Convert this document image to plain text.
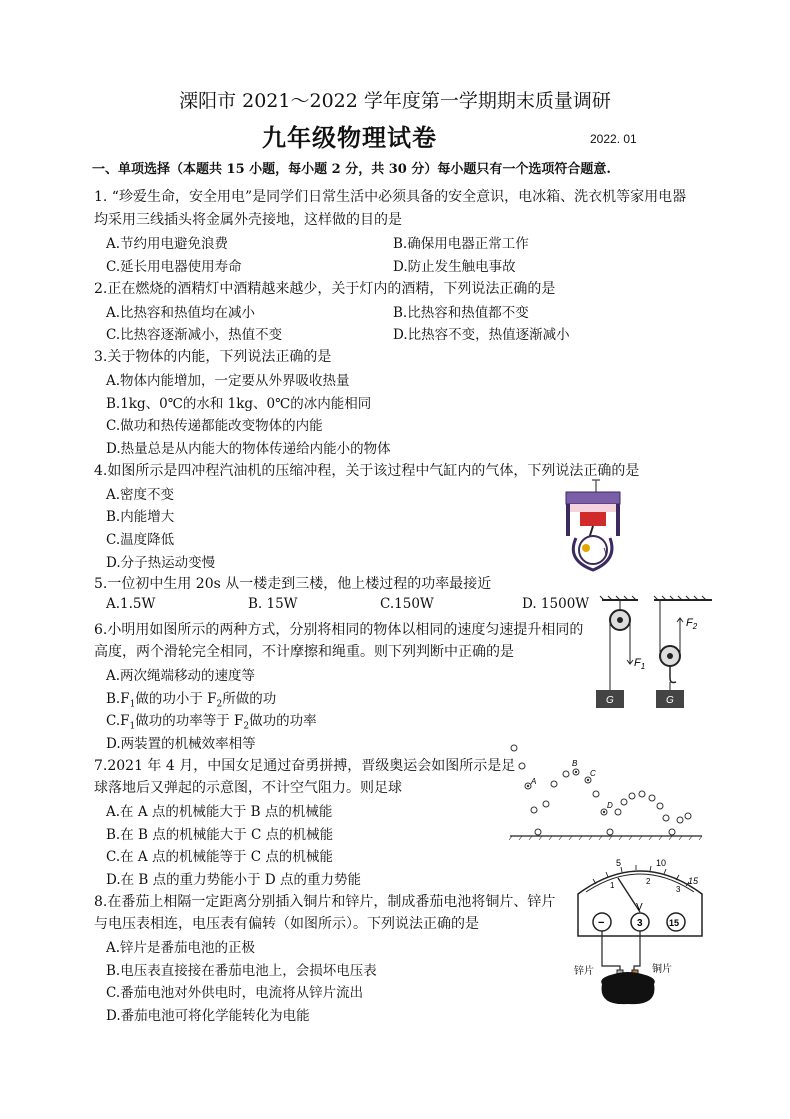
溧阳市 2021～2022 学年度第一学期期末质量调研
九年级物理试卷	2022. 01
一、单项选择（本题共 15 小题，每小题 2 分，共 30 分）每小题只有一个选项符合题意.
1. “珍爱生命，安全用电”是同学们日常生活中必须具备的安全意识，电冰箱、洗衣机等家用电器
均采用三线插头将金属外壳接地，这样做的目的是
A.节约用电避免浪费	B.确保用电器正常工作
C.延长用电器使用寿命	D.防止发生触电事故
2.正在燃烧的酒精灯中酒精越来越少，关于灯内的酒精，下列说法正确的是
A.比热容和热值均在减小	B.比热容和热值都不变
C.比热容逐渐减小，热值不变	D.比热容不变，热值逐渐减小
3.关于物体的内能，下列说法正确的是
A.物体内能增加，一定要从外界吸收热量
B.1kg、0℃的水和 1kg、0℃的冰内能相同
C.做功和热传递都能改变物体的内能
D.热量总是从内能大的物体传递给内能小的物体
4.如图所示是四冲程汽油机的压缩冲程，关于该过程中气缸内的气体，下列说法正确的是
A.密度不变
B.内能增大
C.温度降低
D.分子热运动变慢
5.一位初中生用 20s 从一楼走到三楼，他上楼过程的功率最接近
A.1.5W	B. 15W	C.150W	D. 1500W
6.小明用如图所示的两种方式，分别将相同的物体以相同的速度匀速提升相同的
高度，两个滑轮完全相同，不计摩擦和绳重。则下列判断中正确的是
A.两次绳端移动的速度等
$B.F_1$做的功小于 $F_2$所做的功
$C.F_1$做功的功率等于 $F_2$做功的功率
D.两装置的机械效率相等
$F_1$
G
$F_2$
G
7.2021 年 4 月，中国女足通过奋勇拼搏，晋级奥运会如图所示是足
球落地后又弹起的示意图，不计空气阻力。则足球
A.在 A 点的机械能大于 B 点的机械能
B.在 B 点的机械能大于 C 点的机械能
C.在 A 点的机械能等于 C 点的机械能
D.在 B 点的重力势能小于 D 点的重力势能
A
B
C
D
8.在番茄上相隔一定距离分别插入铜片和锌片，制成番茄电池将铜片、锌片
与电压表相连，电压表有偏转（如图所示）。下列说法正确的是
A.锌片是番茄电池的正极
B.电压表直接接在番茄电池上，会损坏电压表
C.番茄电池对外供电时，电流将从锌片流出
D.番茄电池可将化学能转化为电能
5	10
15
1	2
3
V
−	3	15
锌片	铜片
